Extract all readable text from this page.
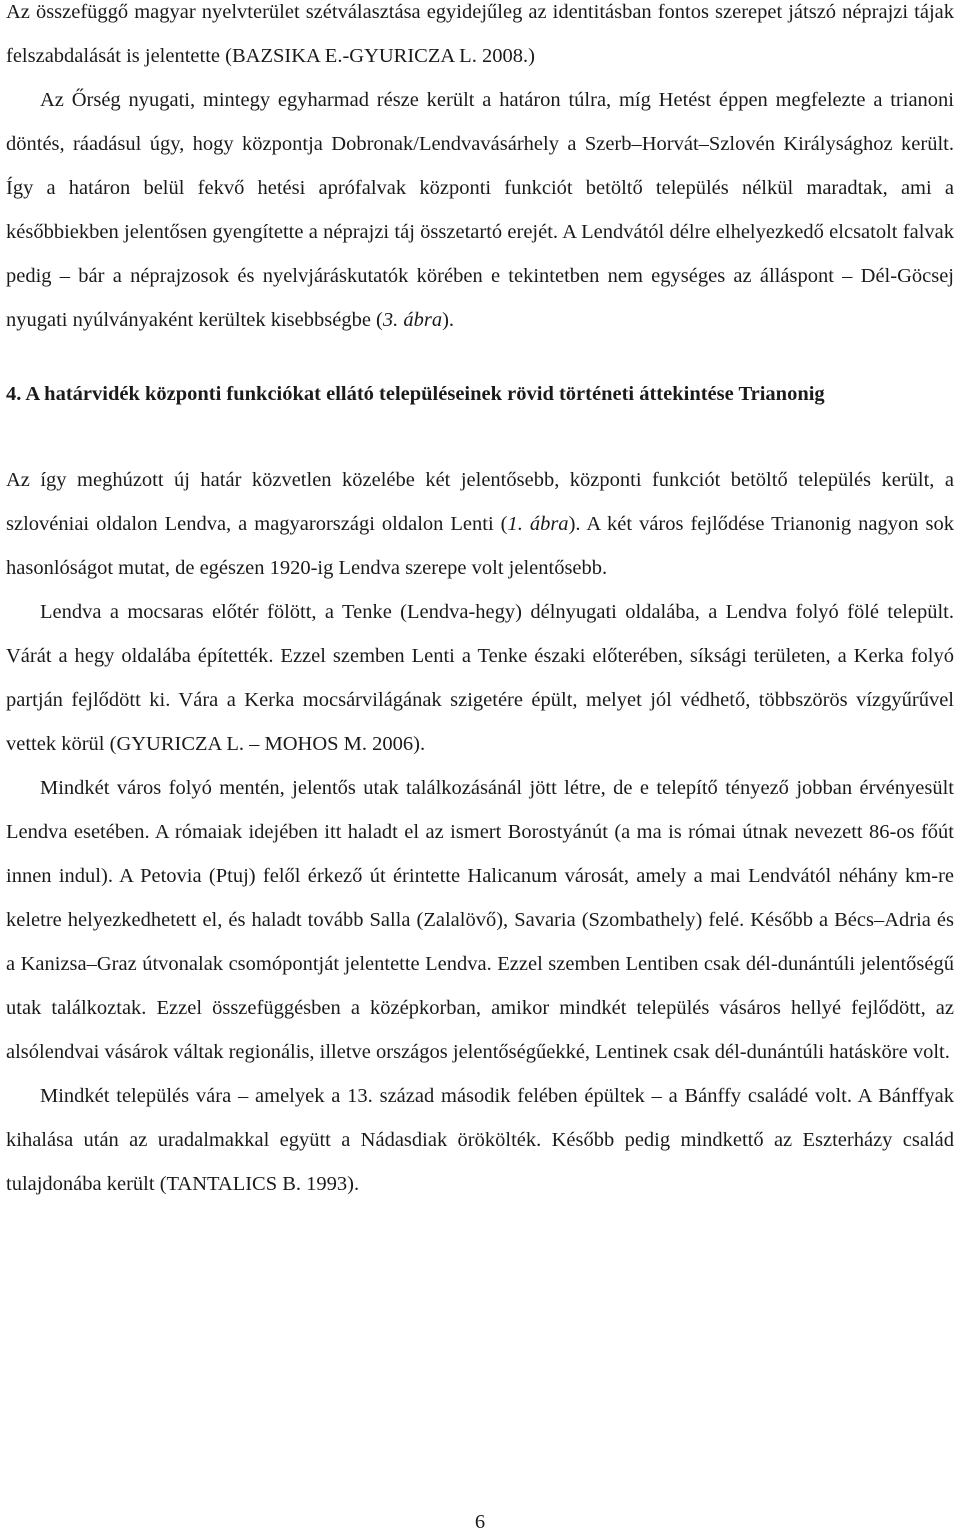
Az összefüggő magyar nyelvterület szétválasztása egyidejűleg az identitásban fontos szerepet játszó néprajzi tájak felszabdalását is jelentette (BAZSIKA E.-GYURICZA L. 2008.)

Az Őrség nyugati, mintegy egyharmad része került a határon túlra, míg Hetést éppen megfelezte a trianoni döntés, ráadásul úgy, hogy központja Dobronak/Lendvavásárhely a Szerb–Horvát–Szlovén Királysághoz került. Így a határon belül fekvő hetési aprófalvak központi funkciót betöltő település nélkül maradtak, ami a későbbiekben jelentősen gyengítette a néprajzi táj összetartó erejét. A Lendvától délre elhelyezkedő elcsatolt falvak pedig – bár a néprajzosok és nyelvjáráskutatók körében e tekintetben nem egységes az álláspont – Dél-Göcsej nyugati nyúlványaként kerültek kisebbségbe (3. ábra).

4. A határvidék központi funkciókat ellátó településeinek rövid történeti áttekintése Trianonig

Az így meghúzott új határ közvetlen közelébe két jelentősebb, központi funkciót betöltő település került, a szlovéniai oldalon Lendva, a magyarországi oldalon Lenti (1. ábra). A két város fejlődése Trianonig nagyon sok hasonlóságot mutat, de egészen 1920-ig Lendva szerepe volt jelentősebb.

Lendva a mocsaras előtér fölött, a Tenke (Lendva-hegy) délnyugati oldalába, a Lendva folyó fölé települt. Várát a hegy oldalába építették. Ezzel szemben Lenti a Tenke északi előterében, síksági területen, a Kerka folyó partján fejlődött ki. Vára a Kerka mocsárvilágának szigetére épült, melyet jól védhető, többszörös vízgyűrűvel vettek körül (GYURICZA L. – MOHOS M. 2006).

Mindkét város folyó mentén, jelentős utak találkozásánál jött létre, de e telepítő tényező jobban érvényesült Lendva esetében. A rómaiak idejében itt haladt el az ismert Borostyánút (a ma is római útnak nevezett 86-os főút innen indul). A Petovia (Ptuj) felől érkező út érintette Halicanum városát, amely a mai Lendvától néhány km-re keletre helyezkedhetett el, és haladt tovább Salla (Zalalövő), Savaria (Szombathely) felé. Később a Bécs–Adria és a Kanizsa–Graz útvonalak csomópontját jelentette Lendva. Ezzel szemben Lentiben csak dél-dunántúli jelentőségű utak találkoztak. Ezzel összefüggésben a középkorban, amikor mindkét település vásáros hellyé fejlődött, az alsólendvai vásárok váltak regionális, illetve országos jelentőségűekké, Lentinek csak dél-dunántúli hatásköre volt.

Mindkét település vára – amelyek a 13. század második felében épültek – a Bánffy családé volt. A Bánffyak kihalása után az uradalmakkal együtt a Nádasdiak örökölték. Később pedig mindkettő az Eszterházy család tulajdonába került (TANTALICS B. 1993).

6
